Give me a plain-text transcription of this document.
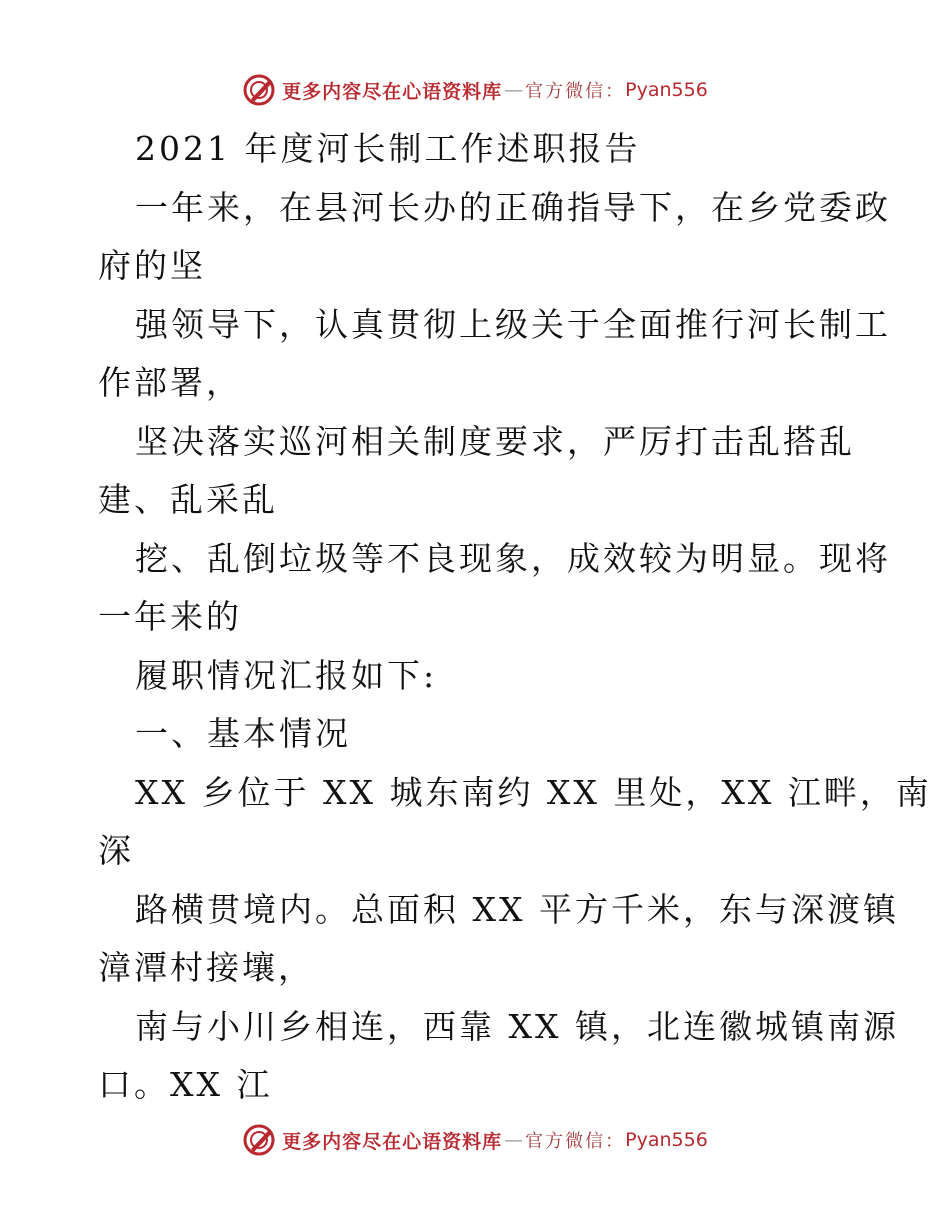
更多内容尽在心语资料库 — 官方微信： Pyan556
2021 年度河长制工作述职报告
一年来，在县河长办的正确指导下，在乡党委政
府的坚
强领导下，认真贯彻上级关于全面推行河长制工
作部署，
坚决落实巡河相关制度要求，严厉打击乱搭乱
建、乱采乱
挖、乱倒垃圾等不良现象，成效较为明显。现将
一年来的
履职情况汇报如下:
一、基本情况
XX 乡位于 XX 城东南约 XX 里处，XX 江畔，南
深
路横贯境内。总面积 XX 平方千米，东与深渡镇
漳潭村接壤，
南与小川乡相连，西靠 XX 镇，北连徽城镇南源
口。XX 江
更多内容尽在心语资料库 — 官方微信： Pyan556
